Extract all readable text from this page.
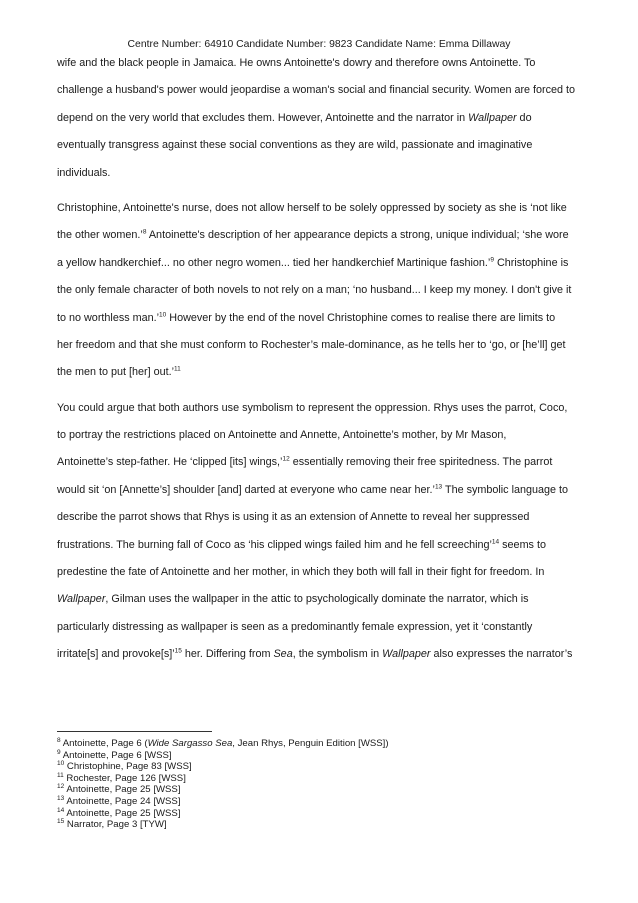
Centre Number: 64910 Candidate Number: 9823 Candidate Name: Emma Dillaway
wife and the black people in Jamaica. He owns Antoinette's dowry and therefore owns Antoinette. To
challenge a husband's power would jeopardise a woman's social and financial security. Women are forced to
depend on the very world that excludes them. However, Antoinette and the narrator in Wallpaper do
eventually transgress against these social conventions as they are wild, passionate and imaginative
individuals.
Christophine, Antoinette's nurse, does not allow herself to be solely oppressed by society as she is ‘not like
the other women.’$^8$ Antoinette's description of her appearance depicts a strong, unique individual; ‘she wore
a yellow handkerchief... no other negro women... tied her handkerchief Martinique fashion.’$^9$ Christophine is
the only female character of both novels to not rely on a man; ‘no husband... I keep my money. I don't give it
to no worthless man.’$^{10}$ However by the end of the novel Christophine comes to realise there are limits to
her freedom and that she must conform to Rochester’s male-dominance, as he tells her to ‘go, or [he’ll] get
the men to put [her] out.’$^{11}$
You could argue that both authors use symbolism to represent the oppression. Rhys uses the parrot, Coco,
to portray the restrictions placed on Antoinette and Annette, Antoinette’s mother, by Mr Mason,
Antoinette’s step-father. He ‘clipped [its] wings,’$^{12}$ essentially removing their free spiritedness. The parrot
would sit ‘on [Annette’s] shoulder [and] darted at everyone who came near her.’$^{13}$ The symbolic language to
describe the parrot shows that Rhys is using it as an extension of Annette to reveal her suppressed
frustrations. The burning fall of Coco as ‘his clipped wings failed him and he fell screeching’$^{14}$ seems to
predestine the fate of Antoinette and her mother, in which they both will fall in their fight for freedom. In
Wallpaper, Gilman uses the wallpaper in the attic to psychologically dominate the narrator, which is
particularly distressing as wallpaper is seen as a predominantly female expression, yet it ‘constantly
irritate[s] and provoke[s]’$^{15}$ her. Differing from Sea, the symbolism in Wallpaper also expresses the narrator’s
$^8$ Antoinette, Page 6 (Wide Sargasso Sea, Jean Rhys, Penguin Edition [WSS])
$^9$ Antoinette, Page 6 [WSS]
$^{10}$ Christophine, Page 83 [WSS]
$^{11}$ Rochester, Page 126 [WSS]
$^{12}$ Antoinette, Page 25 [WSS]
$^{13}$ Antoinette, Page 24 [WSS]
$^{14}$ Antoinette, Page 25 [WSS]
$^{15}$ Narrator, Page 3 [TYW]
